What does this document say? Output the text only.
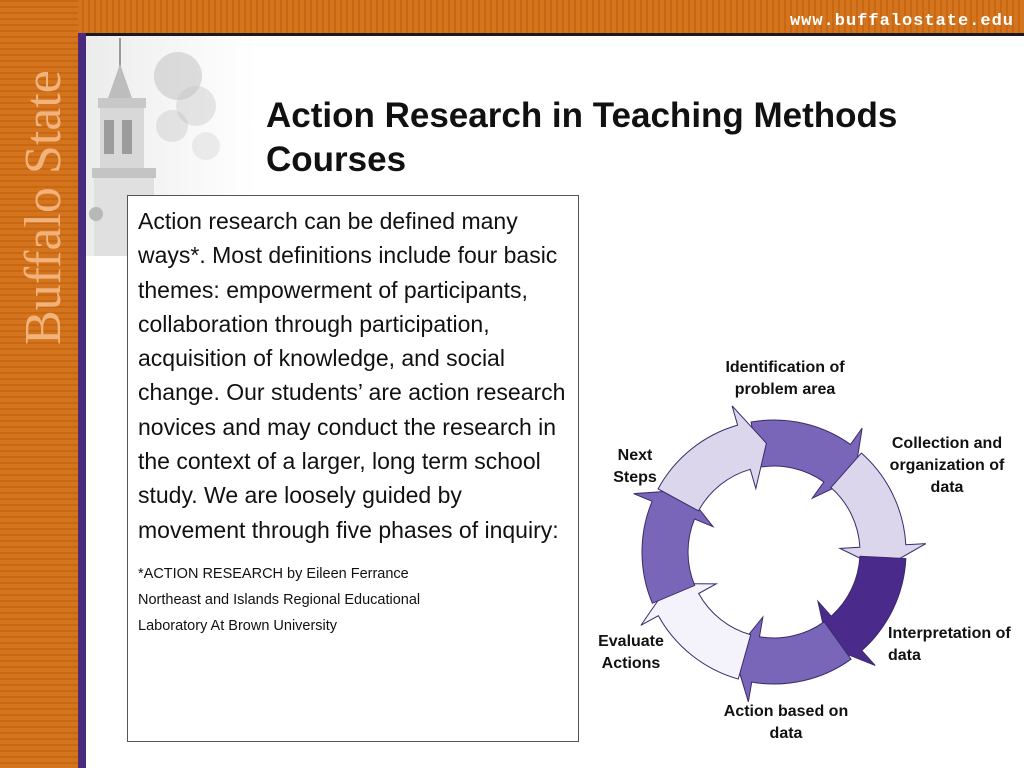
www.buffalostate.edu
Buffalo State	Action Research in Teaching Methods Courses

Action research can be defined many ways*. Most definitions include four basic themes: empowerment of participants, collaboration through participation, acquisition of knowledge, and social change. Our students’ are action research novices and may conduct the research in the context of a larger, long term school study. We are loosely guided by movement through five phases of inquiry:

*ACTION RESEARCH by Eileen Ferrance
Northeast and Islands Regional Educational
Laboratory At Brown University
Identification of problem area
Collection and organization of data
Interpretation of data
Action based on data
Evaluate Actions
Next Steps
